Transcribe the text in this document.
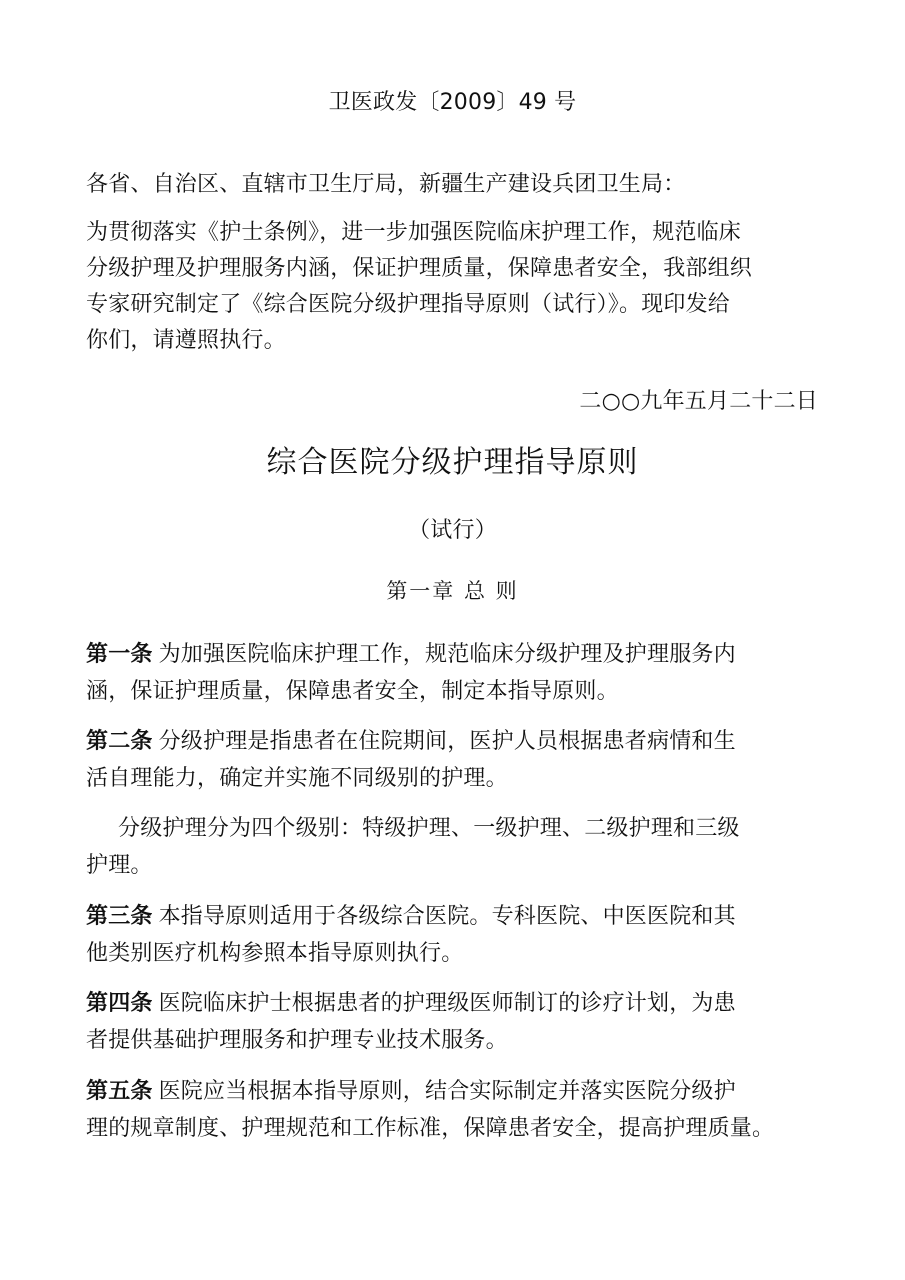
卫医政发〔2009〕49 号
各省、自治区、直辖市卫生厅局，新疆生产建设兵团卫生局：
为贯彻落实《护士条例》，进一步加强医院临床护理工作，规范临床
分级护理及护理服务内涵，保证护理质量，保障患者安全，我部组织
专家研究制定了《综合医院分级护理指导原则（试行）》。现印发给
你们，请遵照执行。
二○○九年五月二十二日
综合医院分级护理指导原则
（试行）
第一章 总 则
第一条 为加强医院临床护理工作，规范临床分级护理及护理服务内
涵，保证护理质量，保障患者安全，制定本指导原则。
第二条 分级护理是指患者在住院期间，医护人员根据患者病情和生
活自理能力，确定并实施不同级别的护理。
分级护理分为四个级别：特级护理、一级护理、二级护理和三级
护理。
第三条 本指导原则适用于各级综合医院。专科医院、中医医院和其
他类别医疗机构参照本指导原则执行。
第四条 医院临床护士根据患者的护理级医师制订的诊疗计划，为患
者提供基础护理服务和护理专业技术服务。
第五条 医院应当根据本指导原则，结合实际制定并落实医院分级护
理的规章制度、护理规范和工作标准，保障患者安全，提高护理质量。
